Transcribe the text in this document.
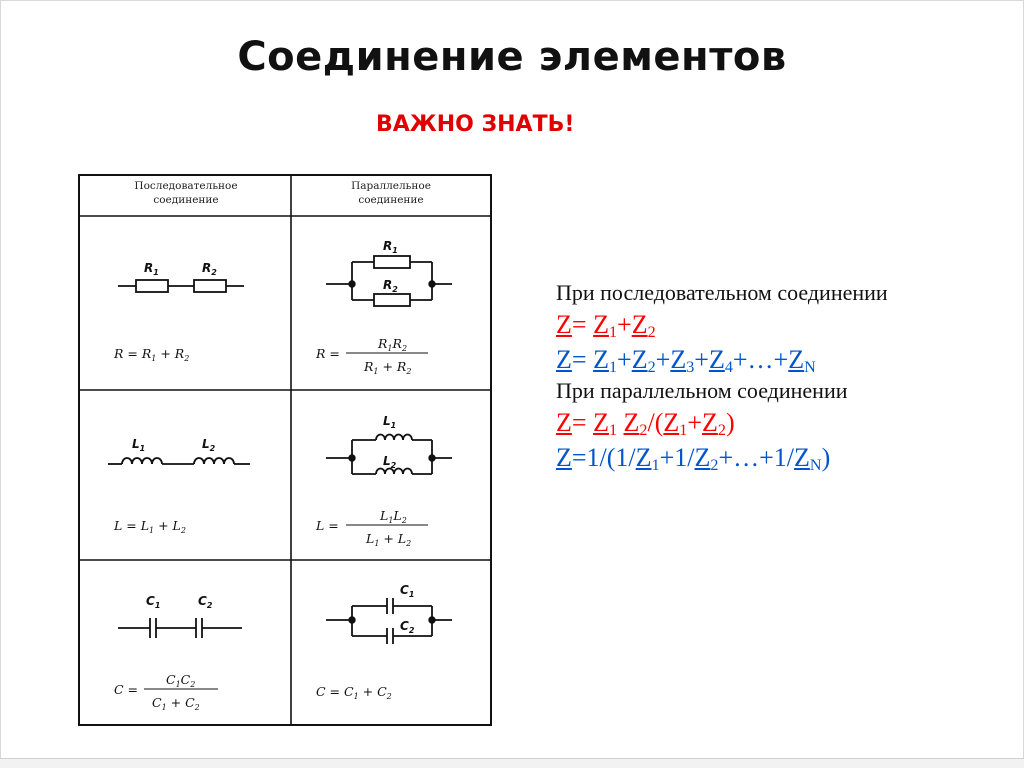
Соединение элементов
ВАЖНО ЗНАТЬ!
Последовательное
соединение
Параллельное
соединение
$R_1$	$R_2$
$R = R_1 + R_2$
$R_1$
$R_2$
R =
$R_1R_2$
$R_1 + R_2$
$L_1$	$L_2$
$L = L_1 + L_2$
$L_1$
$L_2$
L =
$L_1L_2$
$L_1 + L_2$
$C_1$	$C_2$
C =
$C_1C_2$
$C_1 + C_2$
$C_1$
$C_2$
$C = C_1 + C_2$
При последовательном соединении
$Z= Z_1+Z_2$
$Z= Z_1+Z_2+Z_3+Z_4+\dots+Z_N$
При параллельном соединении
$Z= Z_1$ $Z_2/(Z_1+Z_2)$
$Z=1/(1/Z_1+1/Z_2+\dots+1/Z_N)$
